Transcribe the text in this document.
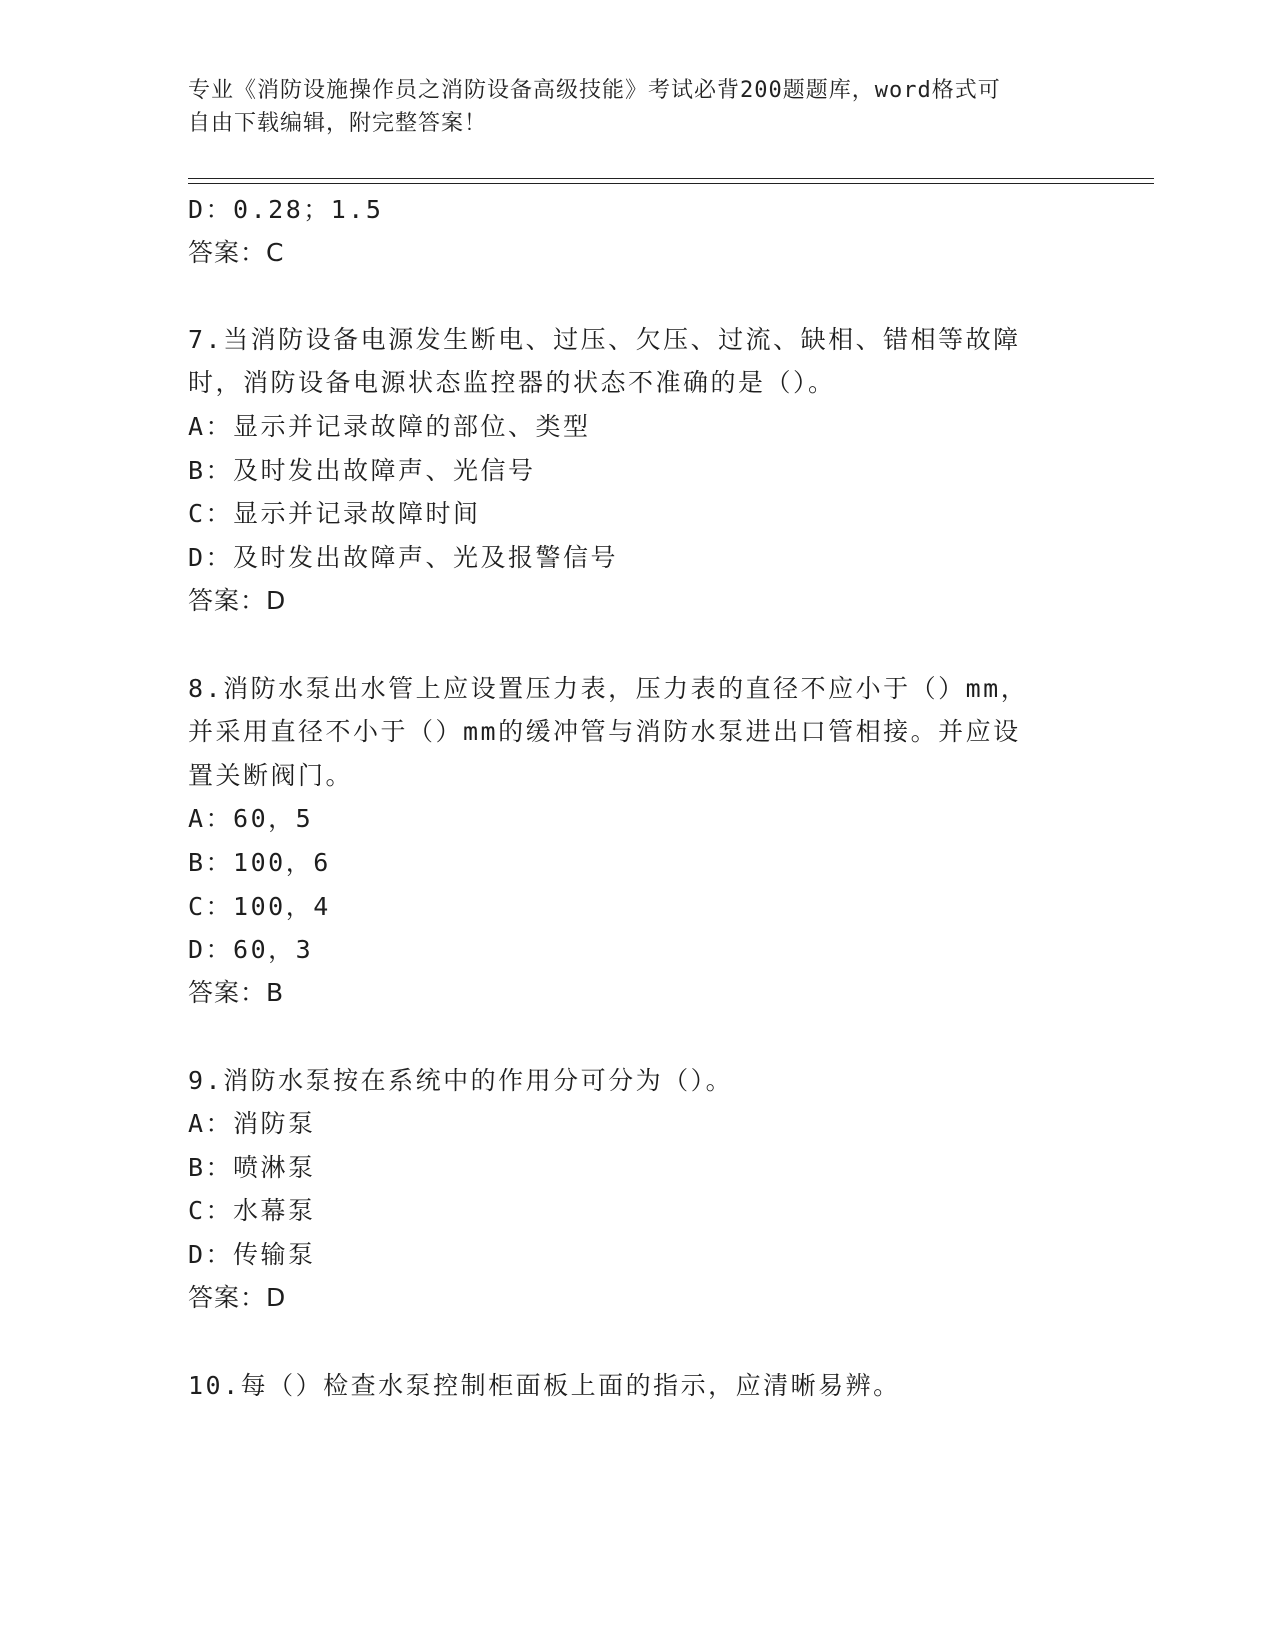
专业《消防设施操作员之消防设备高级技能》考试必背200题题库，word格式可
自由下载编辑，附完整答案！
D：0.28；1.5
答案：C
7.当消防设备电源发生断电、过压、欠压、过流、缺相、错相等故障
时，消防设备电源状态监控器的状态不准确的是（）。
A：显示并记录故障的部位、类型
B：及时发出故障声、光信号
C：显示并记录故障时间
D：及时发出故障声、光及报警信号
答案：D
8.消防水泵出水管上应设置压力表，压力表的直径不应小于（）mm，
并采用直径不小于（）mm的缓冲管与消防水泵进出口管相接。并应设
置关断阀门。
A：60，5
B：100，6
C：100，4
D：60，3
答案：B
9.消防水泵按在系统中的作用分可分为（）。
A：消防泵
B：喷淋泵
C：水幕泵
D：传输泵
答案：D
10.每（）检查水泵控制柜面板上面的指示，应清晰易辨。
